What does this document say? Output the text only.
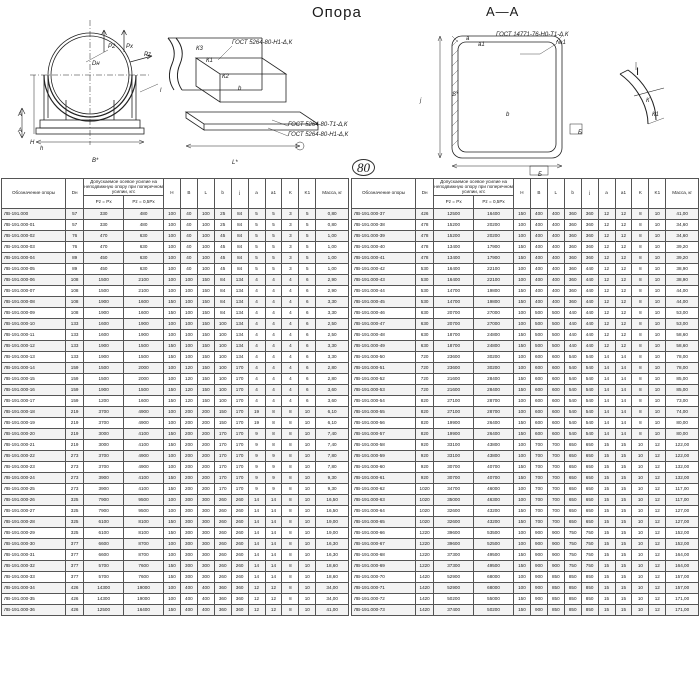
Опора	А—А
I
ГОСТ 5264-80-Н1-Δ,К
ГОСТ 5264-80-Т1-Δ,К
ГОСТ 5264-80-Н1-Δ,К
ГОСТ 14771-76-Н0-Т1-Δ,К
Dн
A
A
H
h
B*	L*
b
l
К1
К2
К3
Р2 Рx
Рz
a
a1	№1
S*
b
Б
Б
j
К1
К
80
Обозначение опоры	Dн	Допускаемое осевое усилие на неподвижную опору при поперечном усилии, кгс		H	B	L	b	j	a	a1	K	K1	Масса, кг
		Pz = Px	Pz = 0,5Px										
ЛВ-191.000	57	330	480	100	40	100	25	84	5	5	3	5	0,80
ЛВ-191.000-01	57	330	480	100	40	100	25	84	5	5	3	5	0,80
ЛВ-191.000-02	76	470	630	100	40	100	45	84	5	5	3	5	1,00
ЛВ-191.000-03	76	470	630	100	40	100	45	84	5	5	3	5	1,00
ЛВ-191.000-04	89	450	630	100	40	100	45	84	5	5	3	5	1,00
ЛВ-191.000-05	89	450	630	100	40	100	45	84	5	5	3	5	1,00
ЛВ-191.000-06	108	1500	2100	100	100	150	84	134	4	4	4	6	2,90
ЛВ-191.000-07	108	1500	2100	100	100	150	84	134	4	4	4	6	2,90
ЛВ-191.000-08	108	1900	1600	150	100	150	84	134	4	4	4	6	3,30
ЛВ-191.000-09	108	1900	1600	150	100	150	84	134	4	4	4	6	3,30
ЛВ-191.000-10	133	1600	1900	100	100	150	100	134	4	4	4	6	2,50
ЛВ-191.000-11	133	1600	1900	100	100	150	100	134	4	4	4	6	2,50
ЛВ-191.000-12	133	1900	1500	150	100	150	100	134	4	4	4	6	3,30
ЛВ-191.000-13	133	1900	1500	150	100	150	100	134	4	4	4	6	3,30
ЛВ-191.000-14	159	1500	2000	100	120	150	100	170	4	4	4	6	2,80
ЛВ-191.000-15	159	1500	2000	100	120	150	100	170	4	4	4	6	2,80
ЛВ-191.000-16	159	1900	1500	150	120	150	100	170	4	4	4	6	3,60
ЛВ-191.000-17	159	1200	1600	150	120	150	100	170	4	4	4	6	3,60
ЛВ-191.000-18	219	3700	4900	100	200	200	150	170	19	8	8	10	6,10
ЛВ-191.000-19	219	3700	4900	100	200	200	150	170	19	8	8	10	6,10
ЛВ-191.000-20	219	3000	4100	150	200	200	170	170	9	8	8	10	7,40
ЛВ-191.000-21	219	3000	4100	150	200	200	170	170	9	8	8	10	7,40
ЛВ-191.000-22	273	3700	4900	100	200	200	170	170	9	9	8	10	7,80
ЛВ-191.000-23	273	3700	4900	100	200	200	170	170	9	9	8	10	7,80
ЛВ-191.000-24	273	3900	4100	150	200	200	170	170	9	9	8	10	9,30
ЛВ-191.000-25	273	3900	4100	150	200	200	170	170	9	9	8	10	9,30
ЛВ-191.000-26	325	7900	9500	100	300	300	260	260	14	14	8	10	16,50
ЛВ-191.000-27	325	7900	9500	100	300	300	260	260	14	14	8	10	16,50
ЛВ-191.000-28	325	6100	8100	150	300	300	260	260	14	14	8	10	19,00
ЛВ-191.000-29	325	6100	8100	150	300	300	260	260	14	14	8	10	19,00
ЛВ-191.000-30	377	6600	8700	100	300	300	260	260	14	14	8	10	16,30
ЛВ-191.000-31	377	6600	8700	100	300	300	260	260	14	14	8	10	16,30
ЛВ-191.000-32	377	5700	7600	150	300	300	260	260	14	14	8	10	18,60
ЛВ-191.000-33	377	5700	7600	150	300	300	260	260	14	14	8	10	18,60
ЛВ-191.000-34	426	14300	19000	100	400	400	360	360	12	12	8	10	34,00
ЛВ-191.000-35	426	14300	19000	100	400	400	360	360	12	12	8	10	34,00
ЛВ-191.000-36	426	12500	16400	150	400	400	360	360	12	12	8	10	41,00
Обозначение опоры	Dн	Допускаемое осевое усилие на неподвижную опору при поперечном усилии, кгс		H	B	L	b	j	a	a1	K	K1	Масса, кг
		Pz = Px	Pz = 0,5Px										
ЛВ-191.000-37	426	12500	16400	150	400	400	360	360	12	12	8	10	41,00
ЛВ-191.000-38	478	15200	20200	100	400	400	360	360	12	12	8	10	34,60
ЛВ-191.000-39	478	15200	20200	100	400	400	360	360	12	12	8	10	34,60
ЛВ-191.000-40	478	13400	17900	150	400	400	360	360	12	12	8	10	39,20
ЛВ-191.000-41	478	13400	17900	150	400	400	360	360	12	12	8	10	39,20
ЛВ-191.000-42	530	16400	22100	100	400	400	360	440	12	12	8	10	38,90
ЛВ-191.000-43	530	16400	22100	100	400	400	360	440	12	12	8	10	38,90
ЛВ-191.000-44	530	14700	19800	150	400	400	360	440	12	12	8	10	44,00
ЛВ-191.000-45	530	14700	19800	150	400	400	360	440	12	12	8	10	44,00
ЛВ-191.000-46	630	20700	27000	100	500	500	440	440	12	12	8	10	53,00
ЛВ-191.000-47	630	20700	27000	100	500	500	440	440	12	12	8	10	53,00
ЛВ-191.000-48	630	18700	24800	150	500	500	440	440	12	12	8	10	58,60
ЛВ-191.000-49	630	18700	24800	150	500	500	440	440	12	12	8	10	58,60
ЛВ-191.000-50	720	23600	30200	100	600	600	540	540	14	14	8	10	78,00
ЛВ-191.000-51	720	23600	30200	100	600	600	540	540	14	14	8	10	78,00
ЛВ-191.000-52	720	21600	28400	150	600	600	540	540	14	14	8	10	85,00
ЛВ-191.000-53	720	21600	28400	150	600	600	540	540	14	14	8	10	85,00
ЛВ-191.000-54	820	27100	28700	100	600	600	540	540	14	14	8	10	73,00
ЛВ-191.000-55	820	27100	28700	100	600	600	540	540	14	14	8	10	74,00
ЛВ-191.000-56	820	19900	26400	150	600	600	540	540	14	14	8	10	80,00
ЛВ-191.000-57	820	19900	26400	150	600	600	540	540	14	14	8	10	80,00
ЛВ-191.000-58	920	33100	43800	100	700	700	650	650	15	15	10	12	122,00
ЛВ-191.000-59	920	33100	43800	100	700	700	650	650	15	15	10	12	122,00
ЛВ-191.000-60	920	30700	40700	150	700	700	650	650	15	15	10	12	132,00
ЛВ-191.000-61	920	30700	40700	150	700	700	650	650	15	15	10	12	132,00
ЛВ-191.000-62	1020	34700	46000	100	700	700	650	650	15	15	10	12	117,00
ЛВ-191.000-63	1020	35000	46300	100	700	700	650	650	15	15	10	12	117,00
ЛВ-191.000-64	1020	32600	43200	150	700	700	650	650	15	15	10	12	127,00
ЛВ-191.000-65	1020	32600	43200	150	700	700	650	650	15	15	10	12	127,00
ЛВ-191.000-66	1220	39600	53500	100	900	900	750	750	15	15	10	12	152,00
ЛВ-191.000-67	1220	39600	52500	100	900	900	750	750	15	15	10	12	152,00
ЛВ-191.000-68	1220	37300	49500	150	900	900	750	750	15	15	10	12	164,00
ЛВ-191.000-69	1220	37300	49500	150	900	900	750	750	15	15	10	12	164,00
ЛВ-191.000-70	1420	52900	68000	100	900	850	850	850	15	15	10	12	157,00
ЛВ-191.000-71	1420	52900	68000	100	900	850	850	850	15	15	10	12	157,00
ЛВ-191.000-72	1420	50200	55000	150	900	850	850	850	15	15	10	12	171,00
ЛВ-191.000-73	1420	37400	50200	150	900	850	850	850	15	15	10	12	171,00
